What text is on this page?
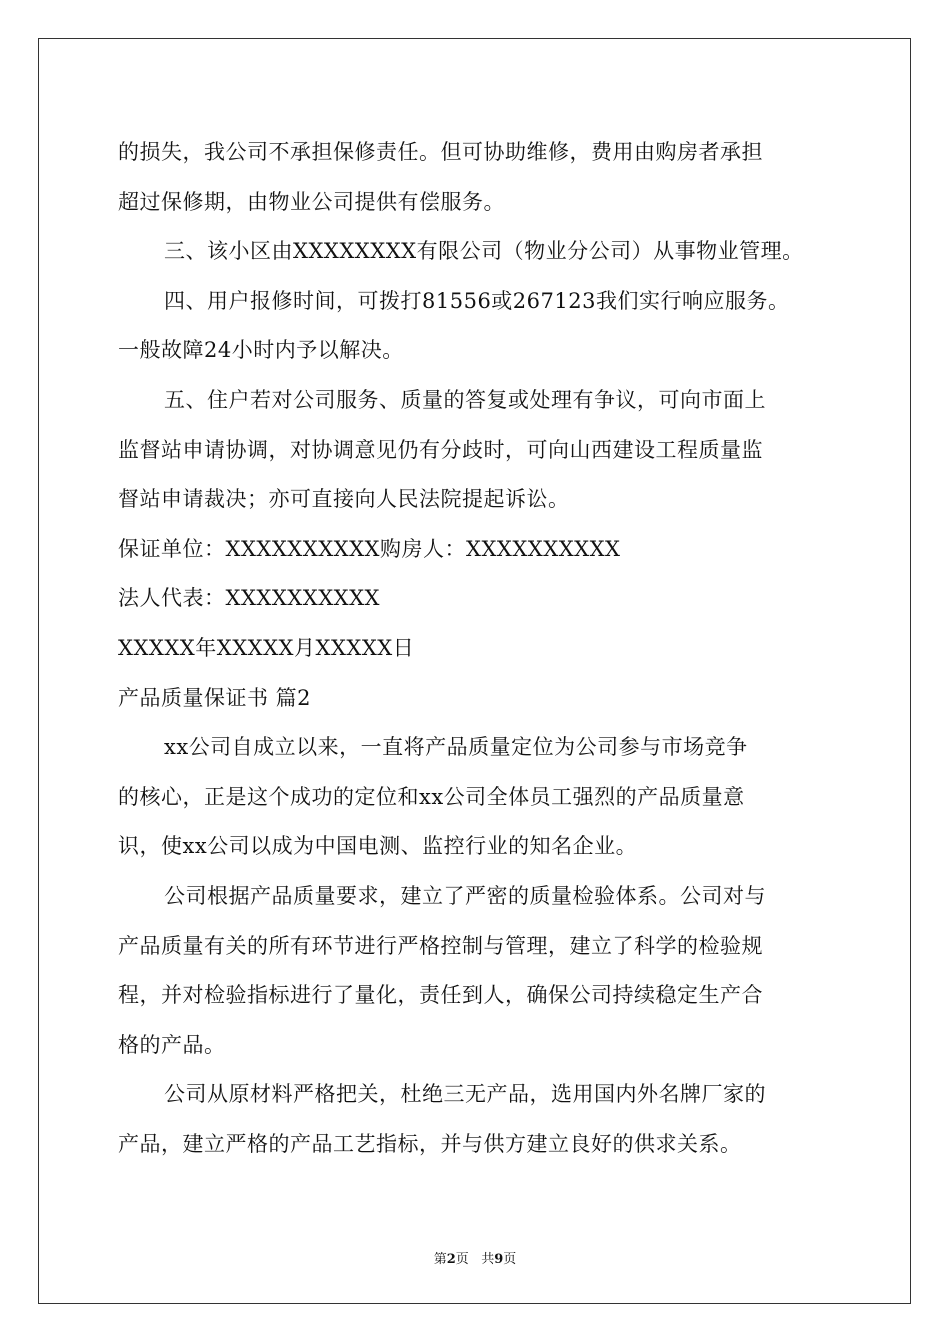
的损失，我公司不承担保修责任。但可协助维修，费用由购房者承担
超过保修期，由物业公司提供有偿服务。
三、该小区由XXXXXXXX有限公司（物业分公司）从事物业管理。
四、用户报修时间，可拨打81556或267123我们实行响应服务。
一般故障24小时内予以解决。
五、住户若对公司服务、质量的答复或处理有争议，可向市面上
监督站申请协调，对协调意见仍有分歧时，可向山西建设工程质量监
督站申请裁决；亦可直接向人民法院提起诉讼。
保证单位：XXXXXXXXXX购房人：XXXXXXXXXX
法人代表：XXXXXXXXXX
XXXXX年XXXXX月XXXXX日
产品质量保证书 篇2
xx公司自成立以来，一直将产品质量定位为公司参与市场竞争
的核心，正是这个成功的定位和xx公司全体员工强烈的产品质量意
识，使xx公司以成为中国电测、监控行业的知名企业。
公司根据产品质量要求，建立了严密的质量检验体系。公司对与
产品质量有关的所有环节进行严格控制与管理，建立了科学的检验规
程，并对检验指标进行了量化，责任到人，确保公司持续稳定生产合
格的产品。
公司从原材料严格把关，杜绝三无产品，选用国内外名牌厂家的
产品，建立严格的产品工艺指标，并与供方建立良好的供求关系。
第2页 共9页
